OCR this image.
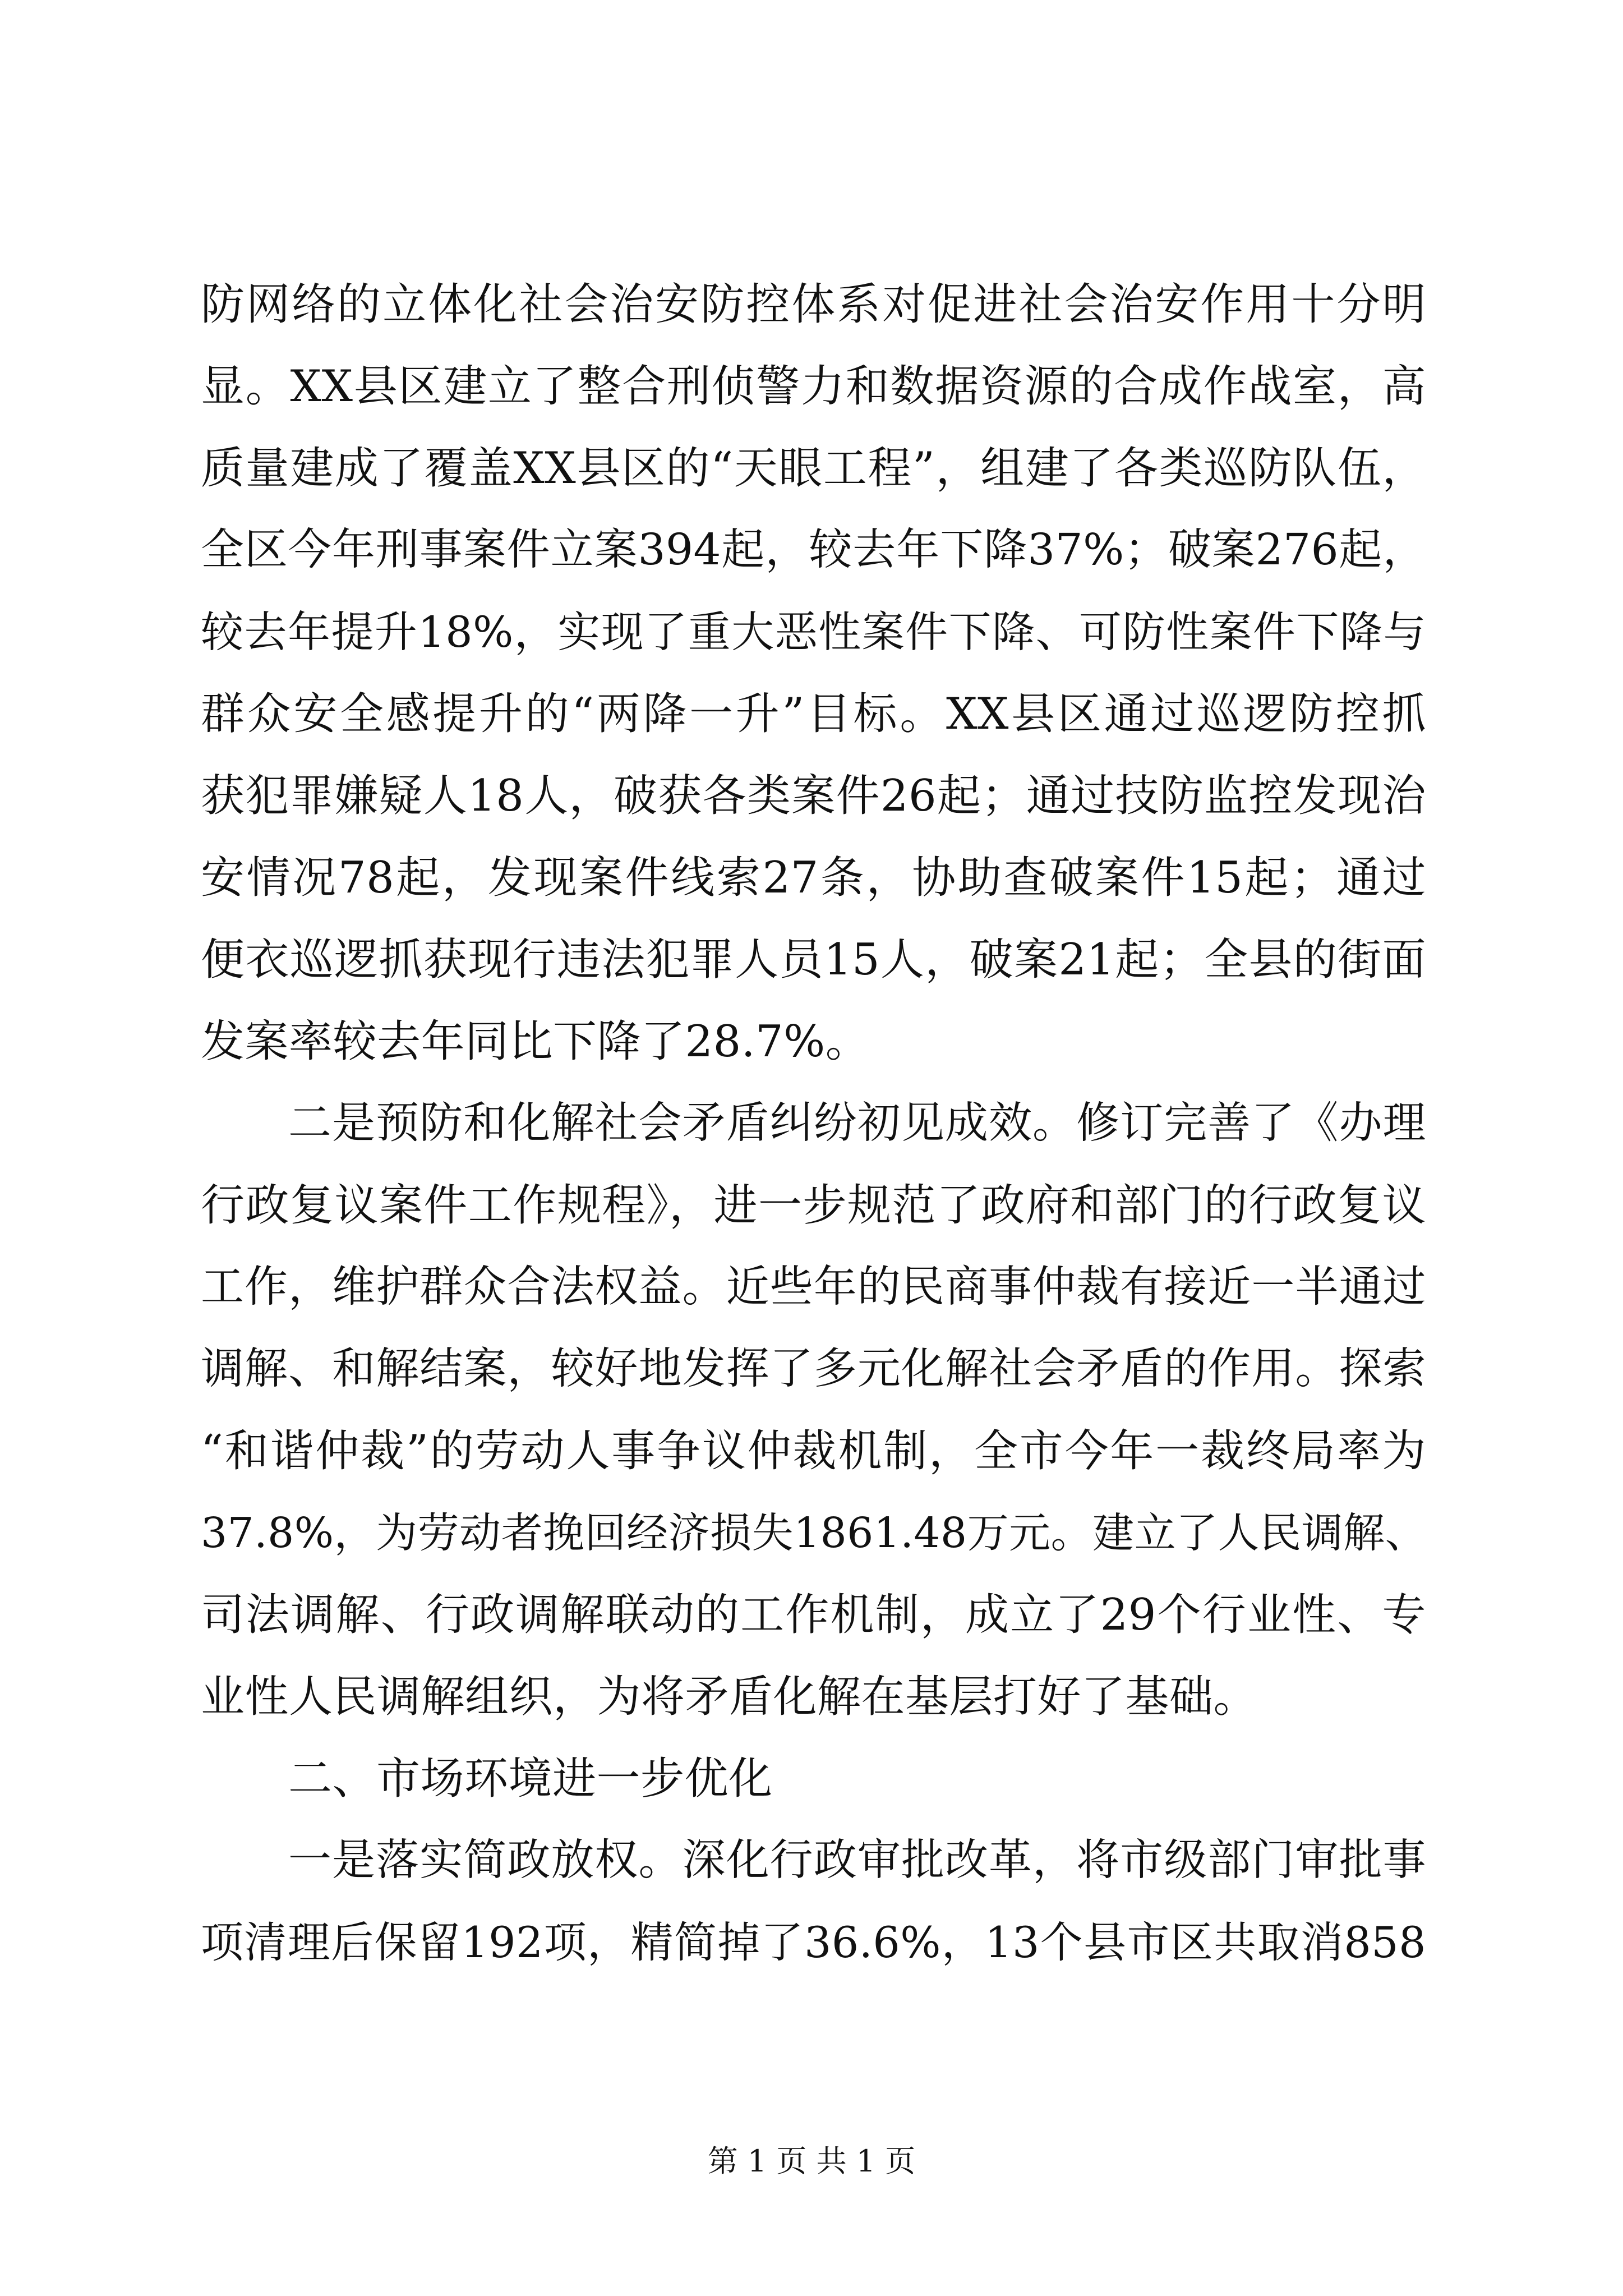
防网络的立体化社会治安防控体系对促进社会治安作用十分明
显。XX县区建立了整合刑侦警力和数据资源的合成作战室，高
质量建成了覆盖XX县区的“天眼工程”，组建了各类巡防队伍，
全区今年刑事案件立案394起，较去年下降37%；破案276起，
较去年提升18%，实现了重大恶性案件下降、可防性案件下降与
群众安全感提升的“两降一升”目标。XX县区通过巡逻防控抓
获犯罪嫌疑人18人，破获各类案件26起；通过技防监控发现治
安情况78起，发现案件线索27条，协助查破案件15起；通过
便衣巡逻抓获现行违法犯罪人员15人，破案21起；全县的街面
发案率较去年同比下降了28.7%。
二是预防和化解社会矛盾纠纷初见成效。修订完善了《办理
行政复议案件工作规程》，进一步规范了政府和部门的行政复议
工作，维护群众合法权益。近些年的民商事仲裁有接近一半通过
调解、和解结案，较好地发挥了多元化解社会矛盾的作用。探索
“和谐仲裁”的劳动人事争议仲裁机制，全市今年一裁终局率为
37.8%，为劳动者挽回经济损失1861.48万元。建立了人民调解、
司法调解、行政调解联动的工作机制，成立了29个行业性、专
业性人民调解组织，为将矛盾化解在基层打好了基础。
二、市场环境进一步优化
一是落实简政放权。深化行政审批改革，将市级部门审批事
项清理后保留192项，精简掉了36.6%，13个县市区共取消858
第 1 页 共 1 页
